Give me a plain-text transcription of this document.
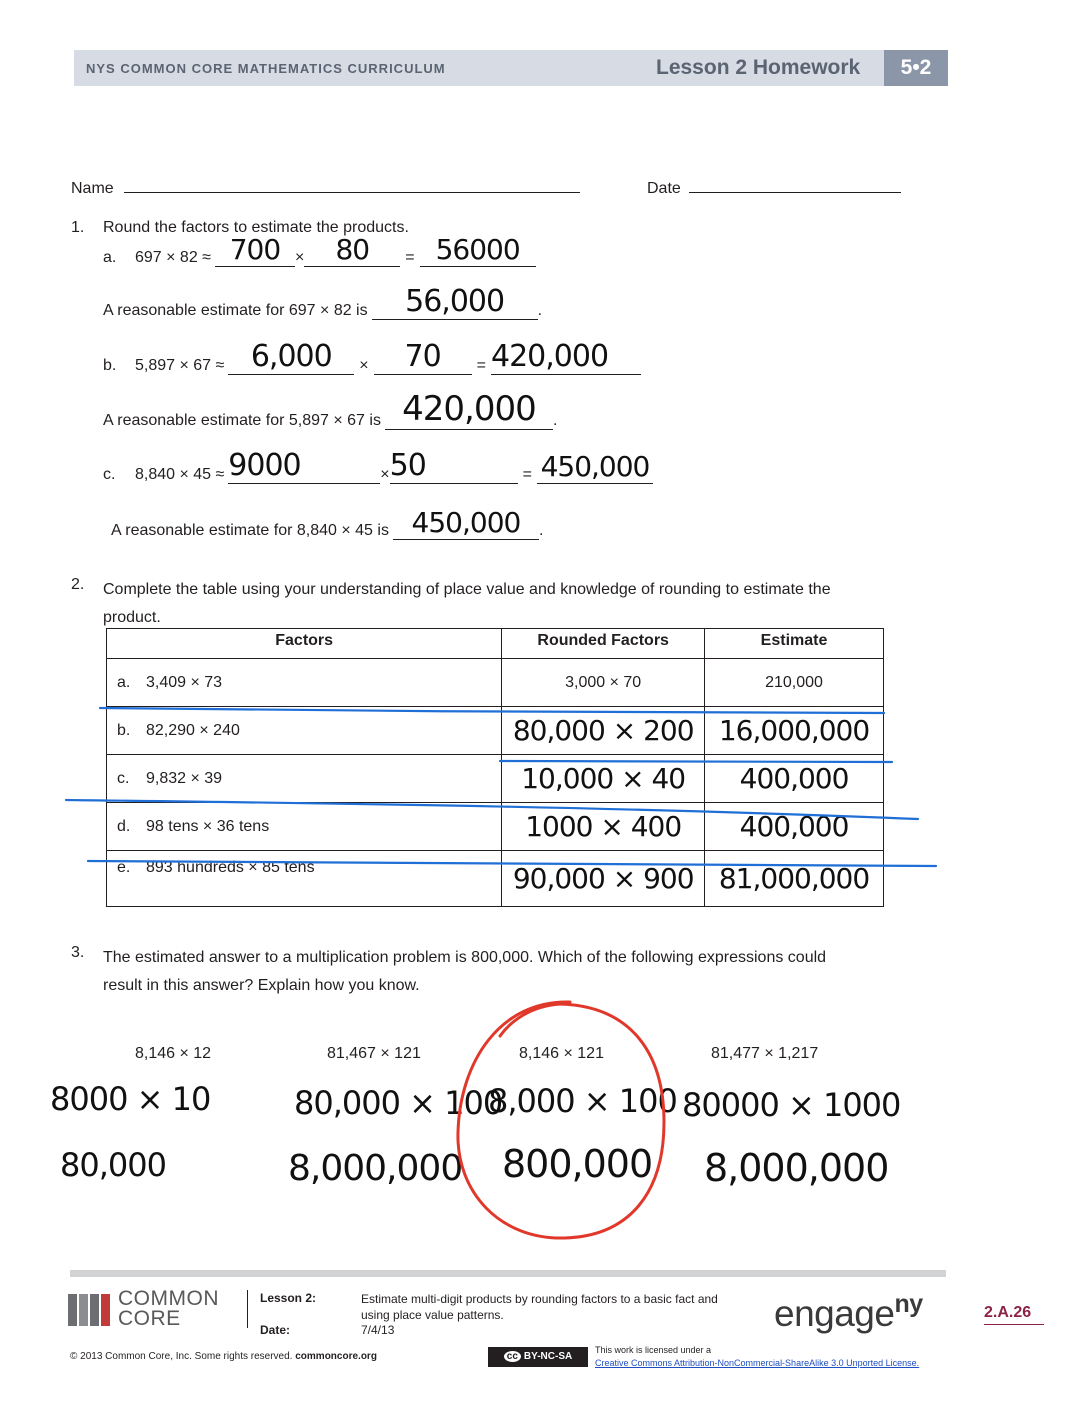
NYS COMMON CORE MATHEMATICS CURRICULUM	Lesson 2 Homework	5•2
Name	Date
1. Round the factors to estimate the products.
a.	697 × 82 ≈ 700 ×	80	= 56000
A reasonable estimate for 697 × 82 is	56,000	.
b.	5,897 × 67 ≈ 6,000	×	70	= 420,000
A reasonable estimate for 5,897 × 67 is 420,000	.
c.	8,840 × 45 ≈ 9000	× 50	= 450,000
A reasonable estimate for 8,840 × 45 is 450,000	.
2. Complete the table using your understanding of place value and knowledge of rounding to estimate the
product.
Factors	Rounded Factors	Estimate
a. 3,409 × 73	3,000 × 70	210,000
b. 82,290 × 240	80,000 × 200	16,000,000
c. 9,832 × 39	10,000 × 40	400,000
d. 98 tens × 36 tens	1000 × 400	400,000
e. 893 hundreds × 85 tens	90,000 × 900	81,000,000
3. The estimated answer to a multiplication problem is 800,000. Which of the following expressions could
result in this answer? Explain how you know.
8,146 × 12	81,467 × 121	8,146 × 121	81,477 × 1,217
8000 × 10
80,000
80,000 × 100
8,000,000
8,000 × 100
800,000
80000 × 1000
8,000,000
COMMON
CORE
Lesson 2:
Date:
Estimate multi-digit products by rounding factors to a basic fact and
using place value patterns.
7/4/13
© 2013 Common Core, Inc. Some rights reserved. commoncore.org	cc BY-NC-SA
This work is licensed under a
Creative Commons Attribution-NonCommercial-ShareAlike 3.0 Unported License.
engage$^{ny}$	2.A.26
